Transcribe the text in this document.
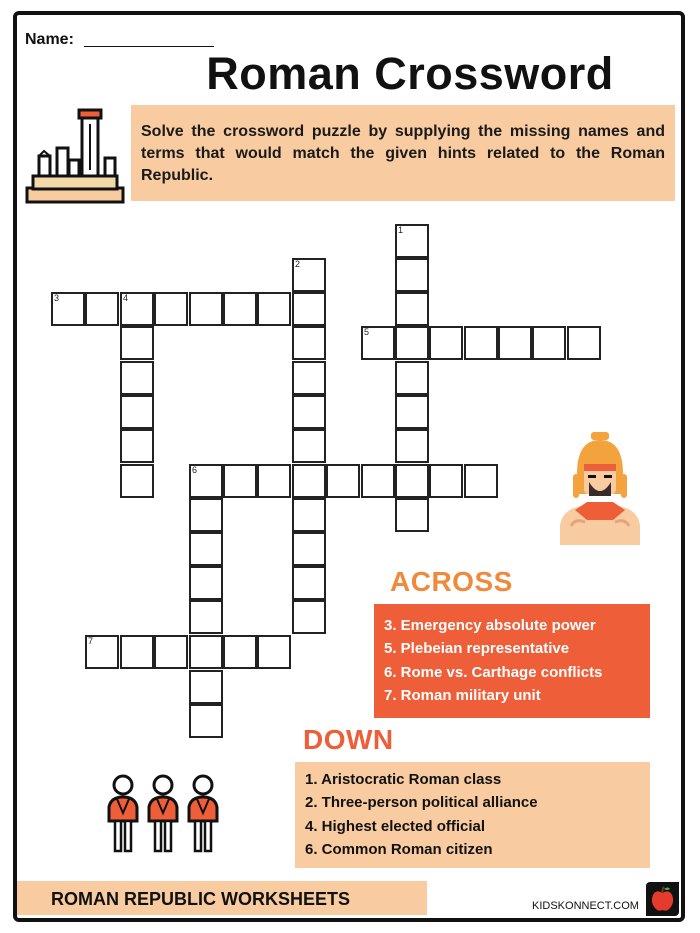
Name:
Roman Crossword
Solve the crossword puzzle by supplying the missing names and terms that would match the given hints related to the Roman Republic.
1
2
3	4
5
6
7
ACROSS
3. Emergency absolute power
5. Plebeian representative
6. Rome vs. Carthage conflicts
7. Roman military unit
DOWN
1. Aristocratic Roman class
2. Three-person political alliance
4. Highest elected official
6. Common Roman citizen
ROMAN REPUBLIC WORKSHEETS	KIDSKONNECT.COM
